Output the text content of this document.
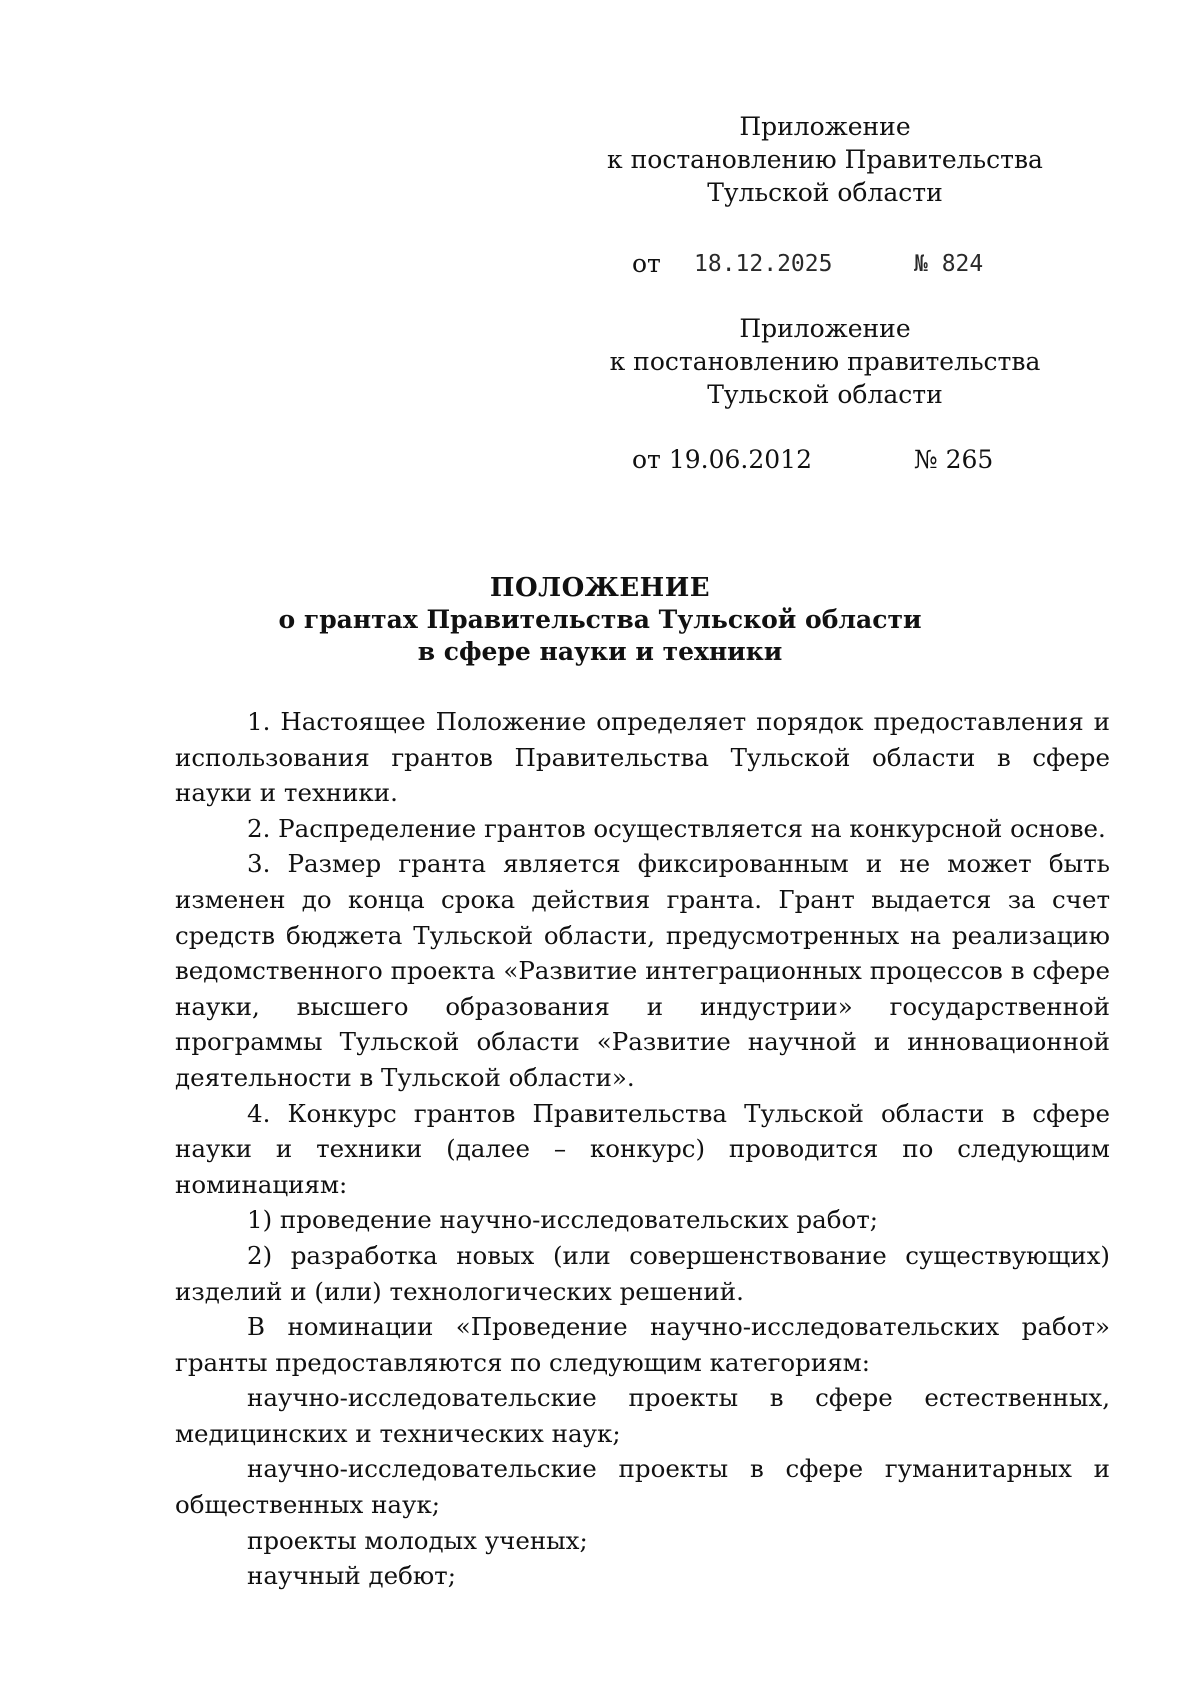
Приложение
к постановлению Правительства
Тульской области
от 18.12.2025	№ 824
Приложение
к постановлению правительства
Тульской области
от 19.06.2012	№ 265
ПОЛОЖЕНИЕ
о грантах Правительства Тульской области
в сфере науки и техники

1. Настоящее Положение определяет порядок предоставления и использования грантов Правительства Тульской области в сфере науки и техники.

2. Распределение грантов осуществляется на конкурсной основе.

3. Размер гранта является фиксированным и не может быть изменен до конца срока действия гранта. Грант выдается за счет средств бюджета Тульской области, предусмотренных на реализацию ведомственного проекта «Развитие интеграционных процессов в сфере науки, высшего образования и индустрии» государственной программы Тульской области «Развитие научной и инновационной деятельности в Тульской области».

4. Конкурс грантов Правительства Тульской области в сфере науки и техники (далее – конкурс) проводится по следующим номинациям:

1) проведение научно-исследовательских работ;

2) разработка новых (или совершенствование существующих) изделий и (или) технологических решений.

В номинации «Проведение научно-исследовательских работ» гранты предоставляются по следующим категориям:

научно-исследовательские проекты в сфере естественных, медицинских и технических наук;

научно-исследовательские проекты в сфере гуманитарных и общественных наук;

проекты молодых ученых;

научный дебют;
